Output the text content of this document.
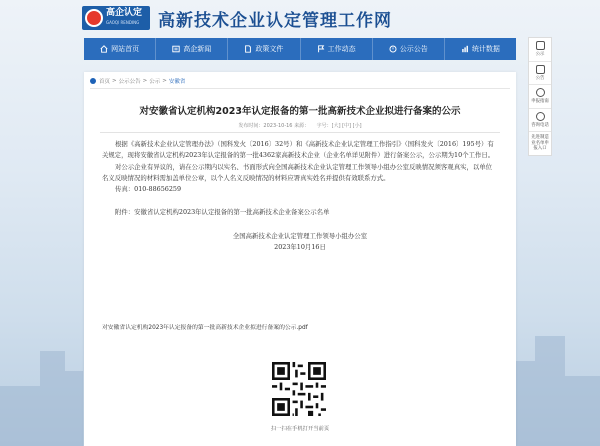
高企认定
GAOQI RENDING 高新技术企业认定管理工作网
网站首页	高企新闻	政策文件	工作动态	公示公告	统计数据
首页 > 公示公告 > 公示 > 安徽省
对安徽省认定机构2023年认定报备的第一批高新技术企业拟进行备案的公示
发布时间：2023-10-16 来源： 字号：[大] [中] [小]

根据《高新技术企业认定管理办法》（国科发火〔2016〕32号）和《高新技术企业认定管理工作指引》（国科发火〔2016〕195号）有关规定，现将安徽省认定机构2023年认定报备的第一批4362家高新技术企业（企业名单详见附件）进行备案公示，公示期为10个工作日。

对公示企业有异议的，请在公示期内以实名、书面形式向全国高新技术企业认定管理工作领导小组办公室反映情况须客观真实，以单位名义反映情况的材料需加盖单位公章，以个人名义反映情况的材料应署真实姓名并提供有效联系方式。

传真：010-88656259

附件：安徽省认定机构2023年认定报备的第一批高新技术企业备案公示名单

全国高新技术企业认定管理工作领导小组办公室

2023年10月16日

对安徽省认定机构2023年认定报备的第一批高新技术企业拟进行备案的公示.pdf
扫一扫在手机打开当前页
公示
公告
申报指南
咨询电话
先进制造业名单申报入口
